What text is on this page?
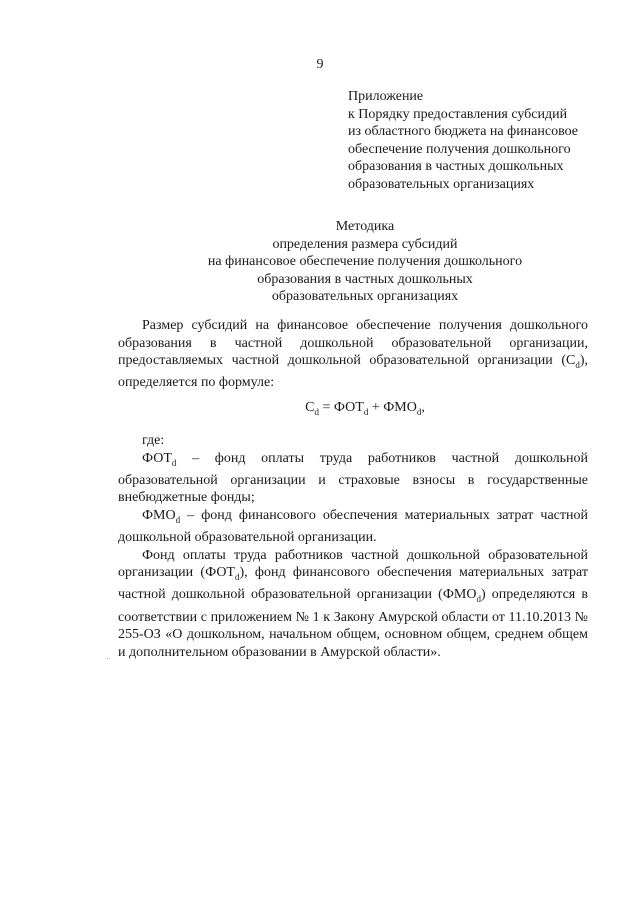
9
Приложение
к Порядку предоставления субсидий
из областного бюджета на финансовое
обеспечение получения дошкольного
образования в частных дошкольных
образовательных организациях
Методика
определения размера субсидий
на финансовое обеспечение получения дошкольного
образования в частных дошкольных
образовательных организациях

Размер субсидий на финансовое обеспечение получения дошкольного образования в частной дошкольной образовательной организации, предоставляемых частной дошкольной образовательной организации $(C_d)$, определяется по формуле:

$C_d = ФОТ_d + ФМО_d$,

где:

$ФОТ_d$ – фонд оплаты труда работников частной дошкольной образовательной организации и страховые взносы в государственные внебюджетные фонды;

$ФМО_d$ – фонд финансового обеспечения материальных затрат частной дошкольной образовательной организации.

Фонд оплаты труда работников частной дошкольной образовательной организации $(ФОТ_d)$, фонд финансового обеспечения материальных затрат частной дошкольной образовательной организации $(ФМО_d)$ определяются в соответствии с приложением № 1 к Закону Амурской области от 11.10.2013 № 255-ОЗ «О дошкольном, начальном общем, основном общем, среднем общем и дополнительном образовании в Амурской области».
